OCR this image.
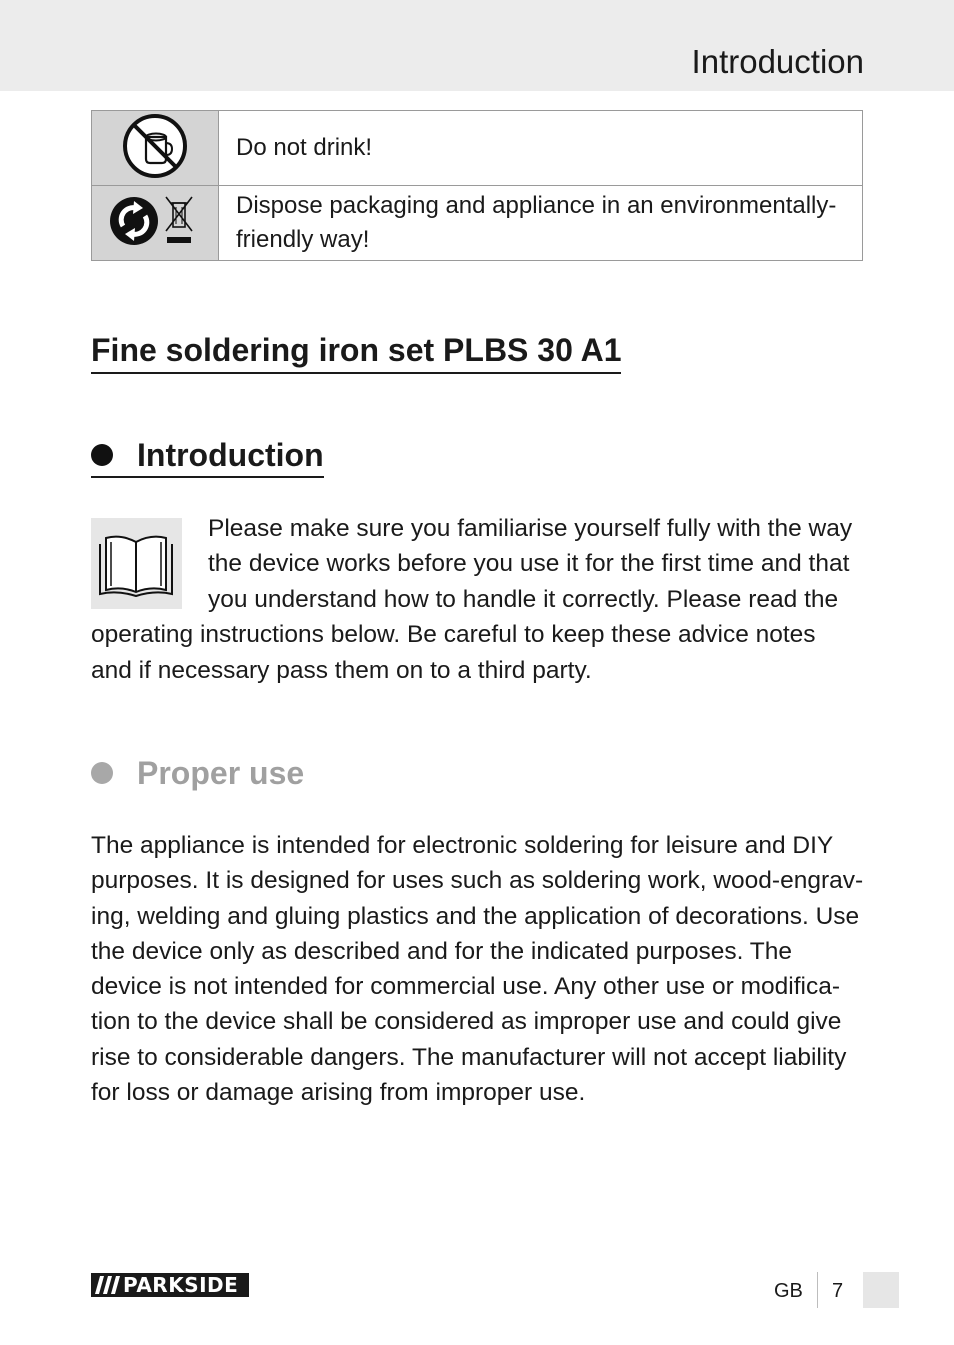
Introduction
	Do not drink!
	Dispose packaging and appliance in an environmentally-friendly way!
Fine soldering iron set PLBS 30 A1
Introduction

Please make sure you familiarise yourself fully with the way the device works before you use it for the first time and that you understand how to handle it correctly. Please read the operating instructions below. Be careful to keep these advice notes and if necessary pass them on to a third party.

Proper use

The appliance is intended for electronic soldering for leisure and DIY purposes. It is designed for uses such as soldering work, wood-engrav-ing, welding and gluing plastics and the application of decorations. Use the device only as described and for the indicated purposes. The device is not intended for commercial use. Any other use or modifica-tion to the device shall be considered as improper use and could give rise to considerable dangers. The manufacturer will not accept liability for loss or damage arising from improper use.

PARKSIDE	GB 7
